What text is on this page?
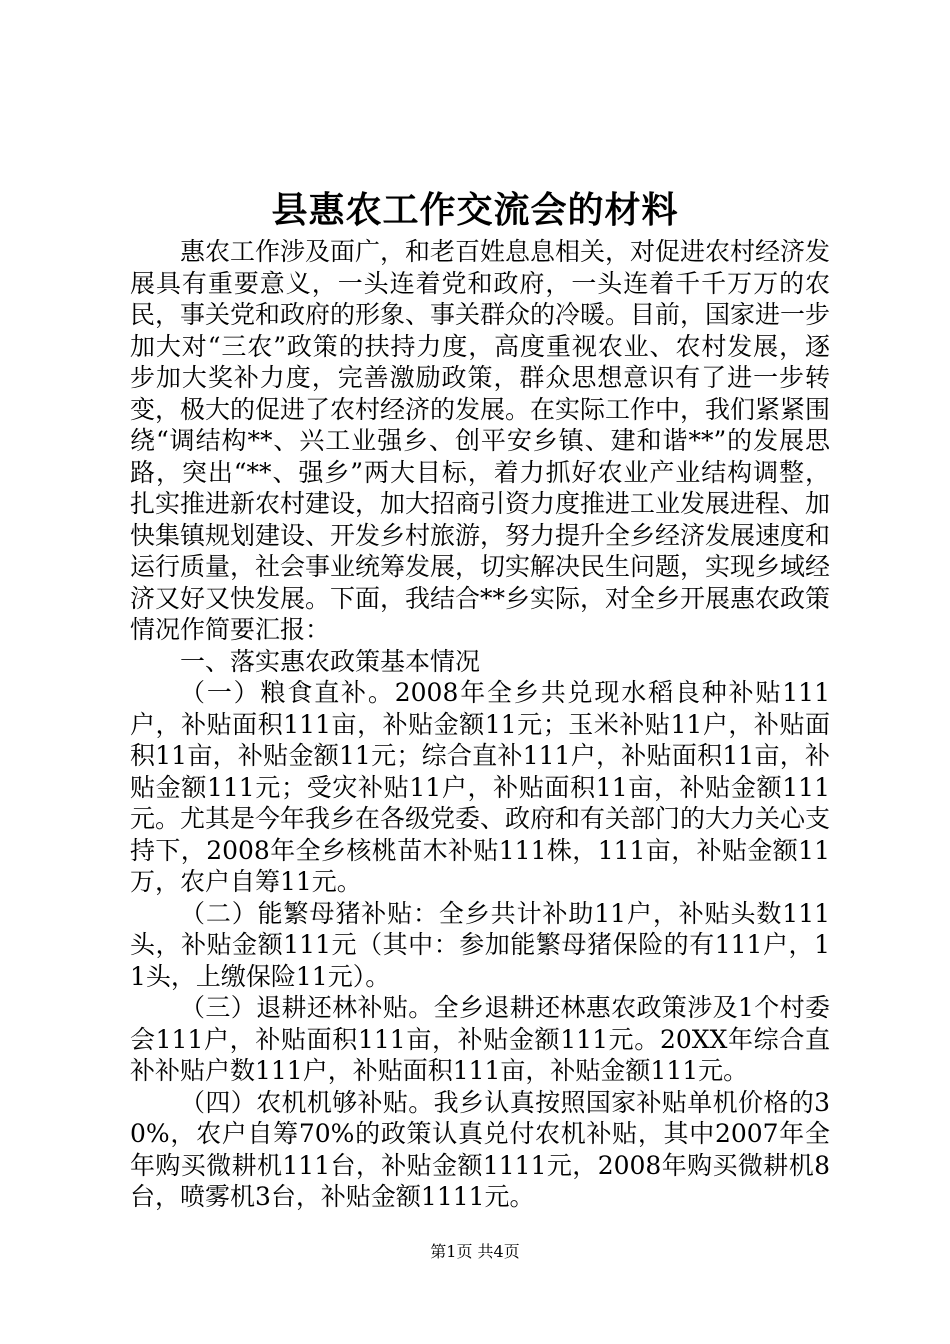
县惠农工作交流会的材料

惠农工作涉及面广，和老百姓息息相关，对促进农村经济发展具有重要意义，一头连着党和政府，一头连着千千万万的农民，事关党和政府的形象、事关群众的冷暖。目前，国家进一步加大对“三农”政策的扶持力度，高度重视农业、农村发展，逐步加大奖补力度，完善激励政策，群众思想意识有了进一步转变，极大的促进了农村经济的发展。在实际工作中，我们紧紧围绕“调结构**、兴工业强乡、创平安乡镇、建和谐**”的发展思路，突出“**、强乡”两大目标，着力抓好农业产业结构调整，扎实推进新农村建设，加大招商引资力度推进工业发展进程、加快集镇规划建设、开发乡村旅游，努力提升全乡经济发展速度和运行质量，社会事业统筹发展，切实解决民生问题，实现乡域经济又好又快发展。下面，我结合**乡实际，对全乡开展惠农政策情况作简要汇报：

一、落实惠农政策基本情况

（一）粮食直补。2008年全乡共兑现水稻良种补贴111户，补贴面积111亩，补贴金额11元；玉米补贴11户，补贴面积11亩，补贴金额11元；综合直补111户，补贴面积11亩，补贴金额111元；受灾补贴11户，补贴面积11亩，补贴金额111元。尤其是今年我乡在各级党委、政府和有关部门的大力关心支持下，2008年全乡核桃苗木补贴111株，111亩，补贴金额11万，农户自筹11元。

（二）能繁母猪补贴：全乡共计补助11户，补贴头数111头，补贴金额111元（其中：参加能繁母猪保险的有111户，11头，上缴保险11元）。

（三）退耕还林补贴。全乡退耕还林惠农政策涉及1个村委会111户，补贴面积111亩，补贴金额111元。20XX年综合直补补贴户数111户，补贴面积111亩，补贴金额111元。

（四）农机机够补贴。我乡认真按照国家补贴单机价格的30%，农户自筹70%的政策认真兑付农机补贴，其中2007年全年购买微耕机111台，补贴金额1111元，2008年购买微耕机8台，喷雾机3台，补贴金额1111元。

第1页 共4页
